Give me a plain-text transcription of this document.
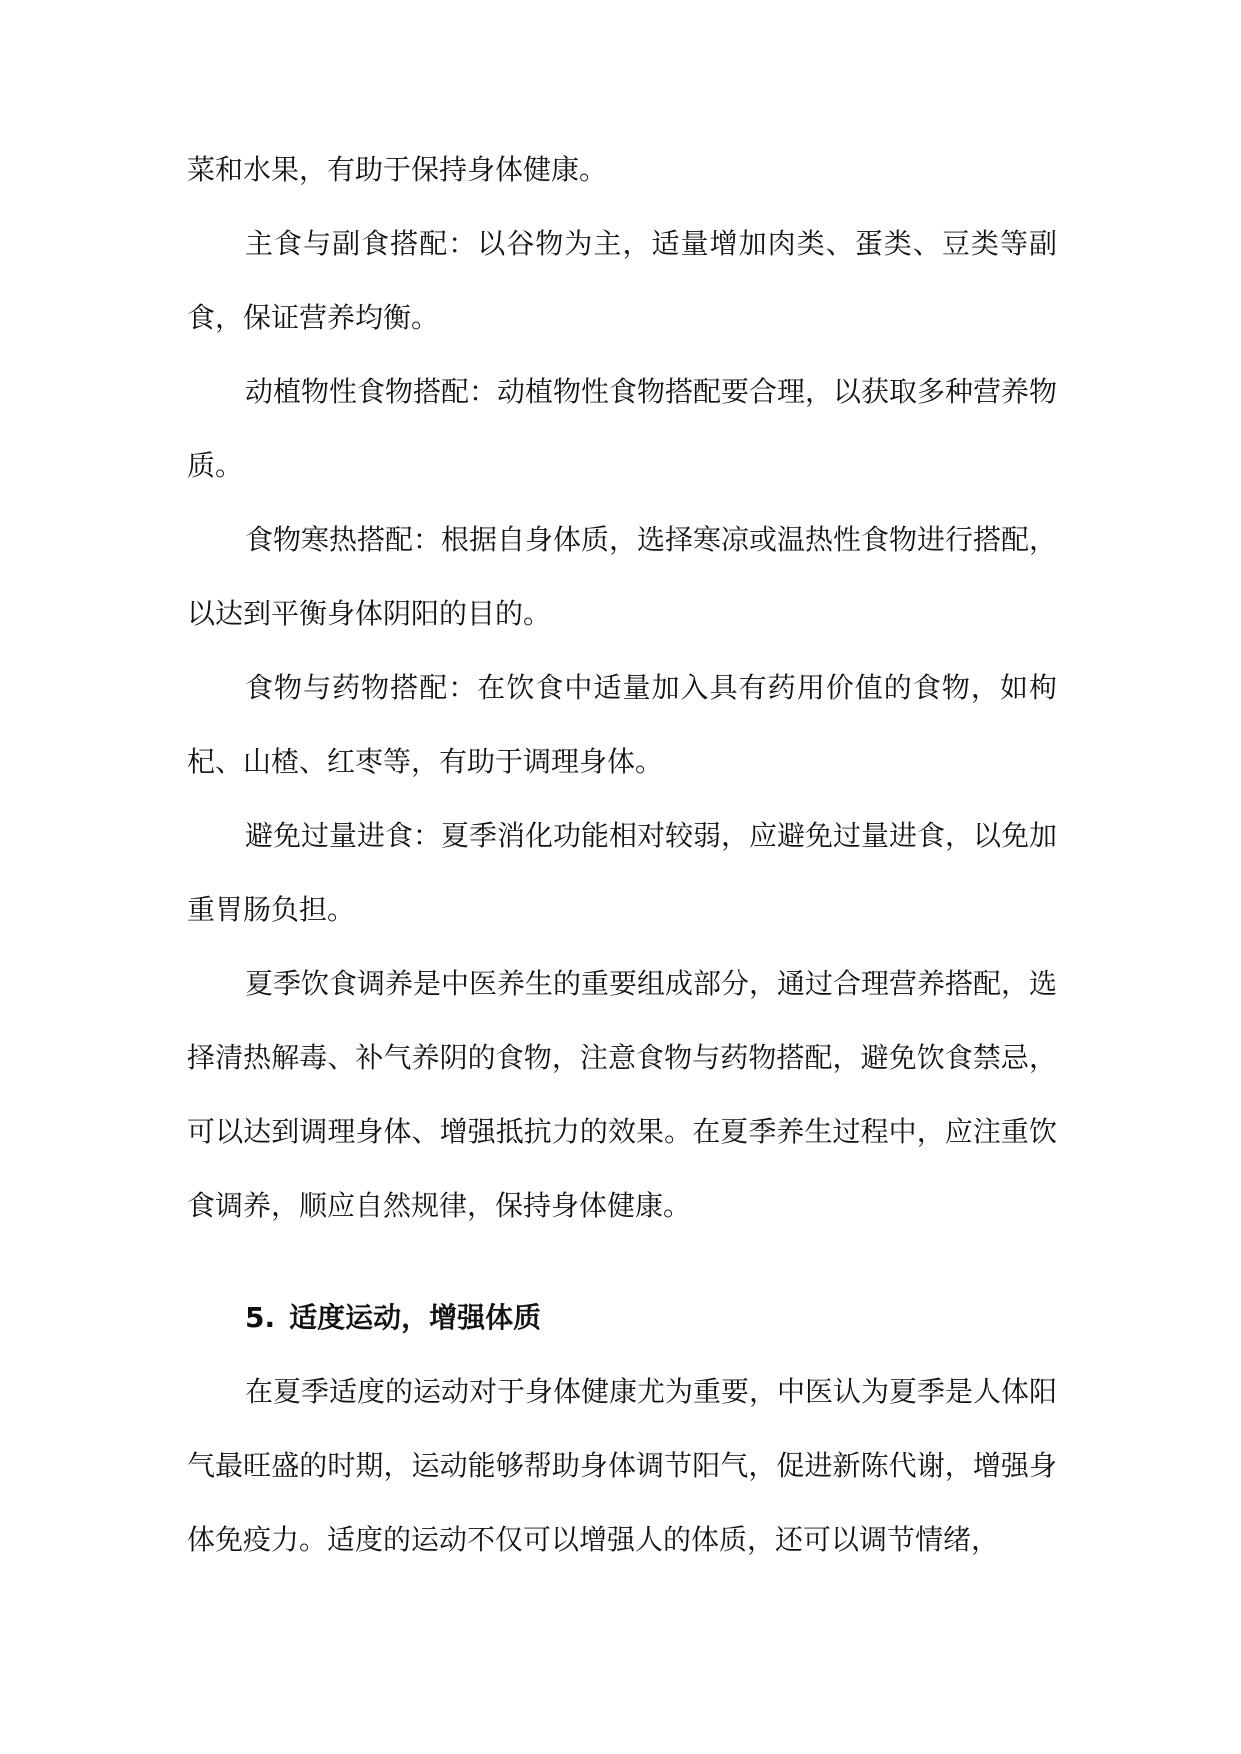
菜和水果，有助于保持身体健康。

主食与副食搭配：以谷物为主，适量增加肉类、蛋类、豆类等副食，保证营养均衡。

动植物性食物搭配：动植物性食物搭配要合理，以获取多种营养物质。

食物寒热搭配：根据自身体质，选择寒凉或温热性食物进行搭配，以达到平衡身体阴阳的目的。

食物与药物搭配：在饮食中适量加入具有药用价值的食物，如枸杞、山楂、红枣等，有助于调理身体。

避免过量进食：夏季消化功能相对较弱，应避免过量进食，以免加重胃肠负担。

夏季饮食调养是中医养生的重要组成部分，通过合理营养搭配，选择清热解毒、补气养阴的食物，注意食物与药物搭配，避免饮食禁忌，可以达到调理身体、增强抵抗力的效果。在夏季养生过程中，应注重饮食调养，顺应自然规律，保持身体健康。

5. 适度运动，增强体质

在夏季适度的运动对于身体健康尤为重要，中医认为夏季是人体阳气最旺盛的时期，运动能够帮助身体调节阳气，促进新陈代谢，增强身体免疫力。适度的运动不仅可以增强人的体质，还可以调节情绪，
